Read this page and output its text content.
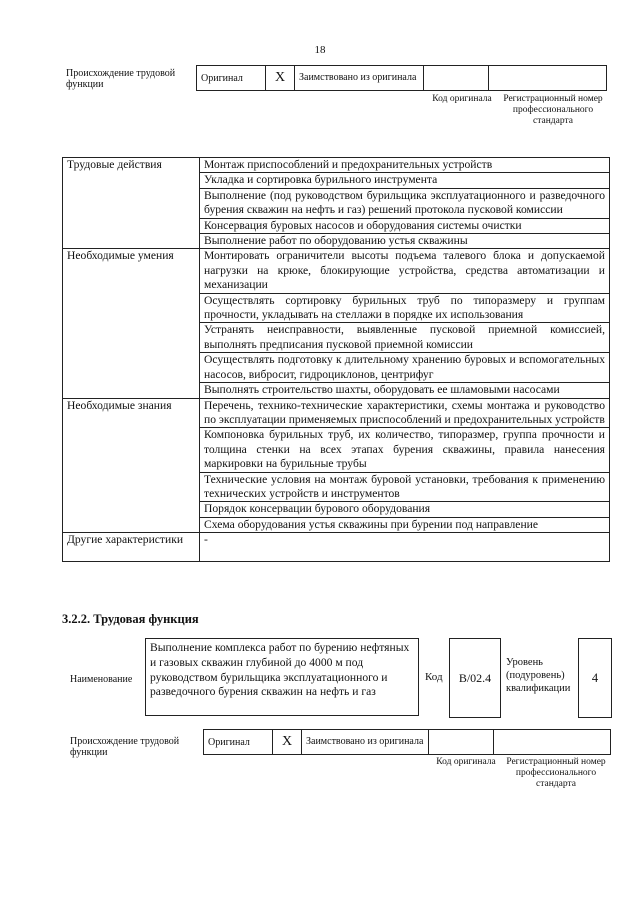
18
Происхождение трудовой функции
Оригинал	X	Заимствовано из оригинала		
Код оригинала	Регистрационный номер профессионального стандарта
Трудовые действия	Монтаж приспособлений и предохранительных устройств
	Укладка и сортировка бурильного инструмента
	Выполнение (под руководством бурильщика эксплуатационного и разведочного бурения скважин на нефть и газ) решений протокола пусковой комиссии
	Консервация буровых насосов и оборудования системы очистки
	Выполнение работ по оборудованию устья скважины
Необходимые умения	Монтировать ограничители высоты подъема талевого блока и допускаемой нагрузки на крюке, блокирующие устройства, средства автоматизации и механизации
	Осуществлять сортировку бурильных труб по типоразмеру и группам прочности, укладывать на стеллажи в порядке их использования
	Устранять неисправности, выявленные пусковой приемной комиссией, выполнять предписания пусковой приемной комиссии
	Осуществлять подготовку к длительному хранению буровых и вспомогательных насосов, вибросит, гидроциклонов, центрифуг
	Выполнять строительство шахты, оборудовать ее шламовыми насосами
Необходимые знания	Перечень, технико-технические характеристики, схемы монтажа и руководство по эксплуатации применяемых приспособлений и предохранительных устройств
	Компоновка бурильных труб, их количество, типоразмер, группа прочности и толщина стенки на всех этапах бурения скважины, правила нанесения маркировки на бурильные трубы
	Технические условия на монтаж буровой установки, требования к применению технических устройств и инструментов
	Порядок консервации бурового оборудования
	Схема оборудования устья скважины при бурении под направление
Другие характеристики	-
3.2.2. Трудовая функция
Наименование
Выполнение комплекса работ по бурению нефтяных и газовых скважин глубиной до 4000 м под руководством бурильщика эксплуатационного и разведочного бурения скважин на нефть и газ
Код B/02.4
Уровень (подуровень) квалификации
4
Происхождение трудовой функции
Оригинал	X	Заимствовано из оригинала		
Код оригинала	Регистрационный номер профессионального стандарта
